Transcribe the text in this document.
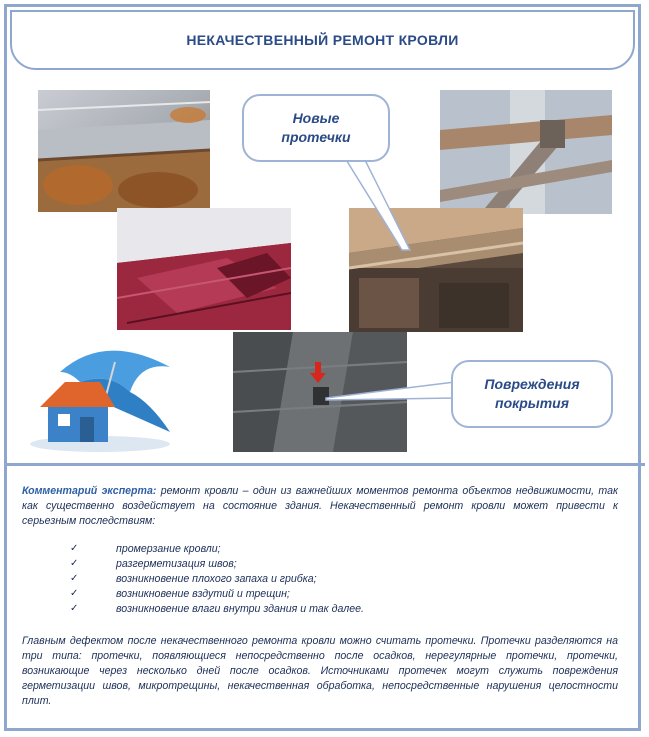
НЕКАЧЕСТВЕННЫЙ РЕМОНТ КРОВЛИ
Новые протечки
Повреждения покрытия

Комментарий эксперта: ремонт кровли – один из важнейших моментов ремонта объектов недвижимости, так как существенно воздействует на состояние здания. Некачественный ремонт кровли может привести к серьезным последствиям:

✓	промерзание кровли;
✓	разгерметизация швов;
✓	возникновение плохого запаха и грибка;
✓	возникновение вздутий и трещин;
✓	возникновение влаги внутри здания и так далее.

Главным дефектом после некачественного ремонта кровли можно считать протечки. Протечки разделяются на три типа: протечки, появляющиеся непосредственно после осадков, нерегулярные протечки, протечки, возникающие через несколько дней после осадков. Источниками протечек могут служить повреждения герметизации швов, микротрещины, некачественная обработка, непосредственные нарушения целостности плит.
